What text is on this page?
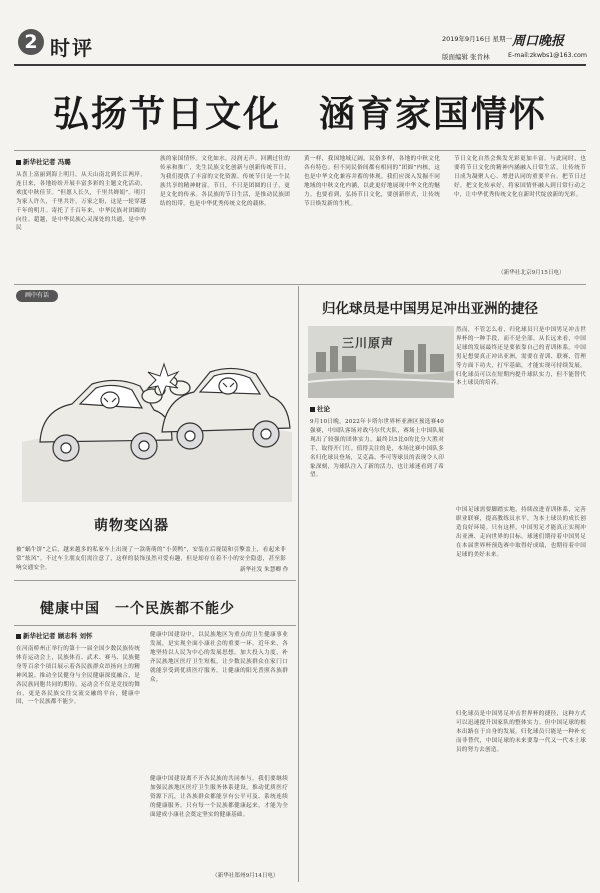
2 时评	2019年9月16日 星期一 周口晚报
版面编辑 张肯林	E-mail:zkwbs1@163.com
弘扬节日文化　涵育家国情怀
新华社记者 冯璐
从喜上富丽到海上明月，从天山南北到长江两岸，连日来，各地纷纷开展丰富多彩的主题文化活动，欢度中秋佳节。“但愿人长久，千里共婵娟”。明月为家人许久，千里共许，万家之盼，这是一轮穿越千年的明月。寄托了千百年来，中华民族对团圆的向往。超越，是中华民族心灵深处的共通，是中华民
族的家国情怀。文化如水，浸润无声。回溯过往的传承和推广，先生民族文化创新与创新传统节日，为我们提供了丰富的文化资源。传统节日是一个民族共享的精神财富。节日，不只是团圆的日子，更是文化的传承。各民族的节日生活，是推动民族团结的纽带，也是中华优秀传统文化的载体。
黄一样，我国地域辽阔，民俗多样，各地的中秋文化各有特色。但不同民俗间都有相同的“团圆”内核，这也是中华文化兼容并蓄的体现。我们应深入发掘不同地域的中秋文化内涵，以此更好地展现中华文化的魅力。也要看到，弘扬节日文化，要创新形式，让传统节日焕发新的生机。
节日文化自然会焕发光彩更加丰富。与此同时，也要将节日文化的精神内涵融入日常生活，让传统节日成为凝聚人心、增进认同的重要平台。把节日过好，把文化传承好，将家国情怀融入到日常行动之中，让中华优秀传统文化在新时代绽放新的光彩。
（新华社北京9月15日电）
画中有话
萌物变凶器
被“蜗牛饼”之后，越来越多的私家车上出现了一款萌萌的“小黄鸭”，安装在后视镜和引擎盖上，看起来非常“炫风”。不过车主朋友们需注意了，这样的装饰虽然可爱有趣，但是却存在着不小的安全隐患，甚至影响交通安全。	新华社发 朱慧卿 作
健康中国　一个民族都不能少
新华社记者 顾志科 刘怀
在河南桥州正举行的第十一届全国少数民族传统体育运动会上，民族体育、武术、赛马、民族健身等百余个项目展示着各民族群众昂扬向上的精神风貌。推动全民健身与全民健康深度融合，是各民族同胞共同的期待。运动会不仅是竞技的舞台，更是各民族交往交流交融的平台，健康中国，一个民族都不能少。
健康中国建设中，以民族地区为重点的卫生健康事业发展，是实现全面小康社会的重要一环。近年来，各地坚持以人民为中心的发展思想，加大投入力度，补齐民族地区医疗卫生短板，让少数民族群众在家门口就能享受到优质医疗服务，让健康的阳光普照各族群众。
健康中国建设离不开各民族的共同参与。我们要继续加强民族地区医疗卫生服务体系建设，推动优质医疗资源下沉，让各族群众都能享有公平可及、系统连续的健康服务。只有每一个民族都健康起来，才能为全面建成小康社会奠定坚实的健康基础。
（新华社郑州9月14日电）
归化球员是中国男足冲出亚洲的捷径
三川原声
社论
9月10日晚，2022年卡塔尔世界杯亚洲区预选赛40强赛，中国队客场对战马尔代夫队，赛场上中国队展现出了较强的团体实力，最终以5比0的比分大胜对手，取得开门红。值得关注的是，本场比赛中国队多名归化球员登场，艾克森、李可等球员的表现令人印象深刻，为球队注入了新的活力，也让球迷看到了希望。
然而，不管怎么看，归化球员只是中国男足冲击世界杯的一种手段，而不是全部。从长远来看，中国足球的发展最终还是要依靠自己的青训体系。中国男足想要真正冲出亚洲，需要在青训、联赛、管理等方面下功夫，打牢基础，才能实现可持续发展。归化球员可以在短期内提升球队实力，但不能替代本土球员的培养。
中国足球需要脚踏实地，持续改进青训体系，完善职业联赛，提高教练员水平，为本土球员的成长创造良好环境。只有这样，中国男足才能真正实现冲出亚洲、走向世界的目标。球迷们期待着中国男足在本届世界杯预选赛中取得好成绩，也期待着中国足球的美好未来。
归化球员是中国男足冲击世界杯的捷径，这种方式可以迅速提升国家队的整体实力。但中国足球的根本出路在于自身的发展，归化球员只能是一种补充而非替代，中国足球的未来要靠一代又一代本土球员的努力去创造。
